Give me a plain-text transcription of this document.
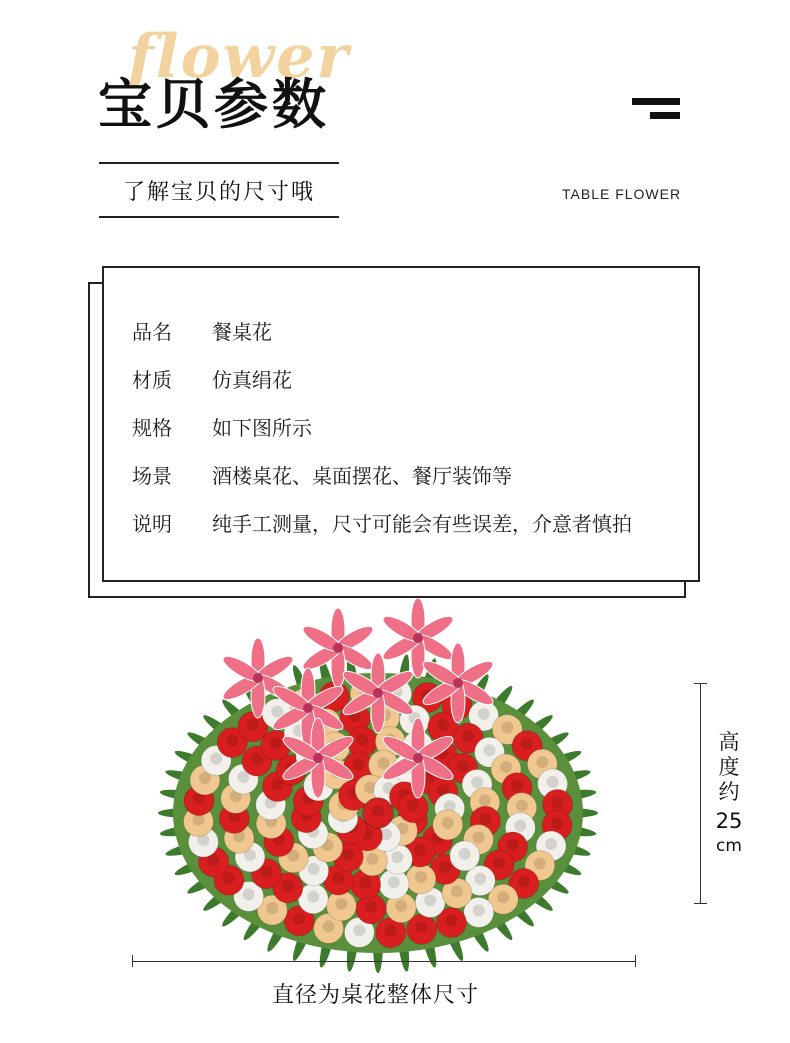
flower
宝贝参数
了解宝贝的尺寸哦	TABLE FLOWER
品名	餐桌花
材质	仿真绢花
规格	如下图所示
场景	酒楼桌花、桌面摆花、餐厅装饰等
说明	纯手工测量，尺寸可能会有些误差，介意者慎拍
高
度
约
25
cm
直径为桌花整体尺寸
